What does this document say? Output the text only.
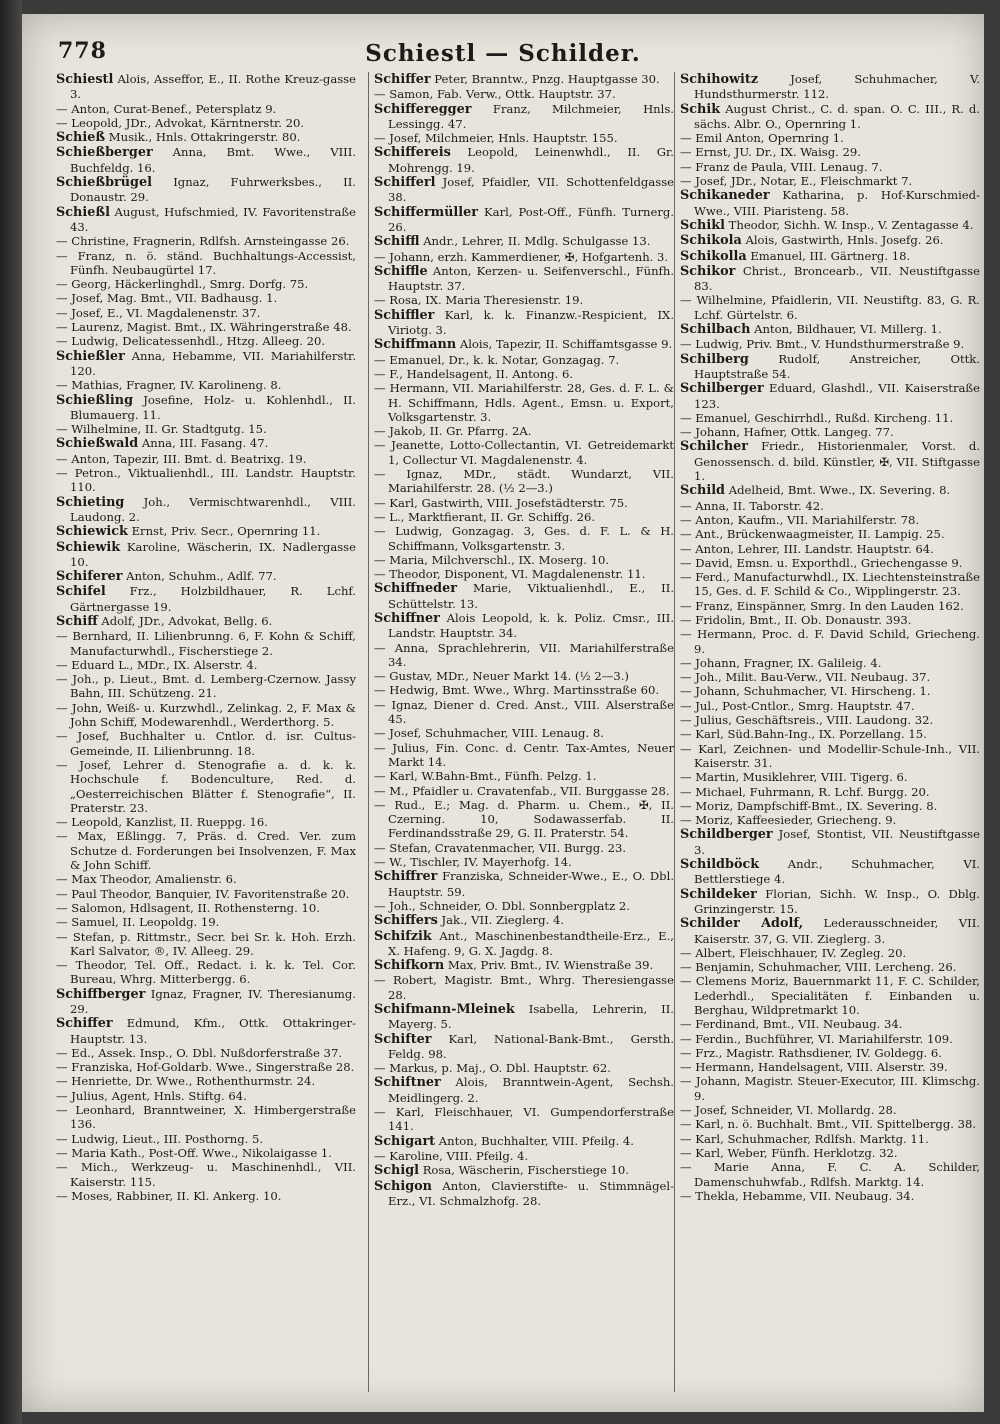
778	Schiestl — Schilder.

Schiestl Alois, Asseffor, E., II. Rothe Kreuz-gasse 3.

— Anton, Curat-Benef., Petersplatz 9.

— Leopold, JDr., Advokat, Kärntnerstr. 20.

Schieß Musik., Hnls. Ottakringerstr. 80.

Schießberger Anna, Bmt. Wwe., VIII. Buchfeldg. 16.

Schießbrügel Ignaz, Fuhrwerksbes., II. Donaustr. 29.

Schießl August, Hufschmied, IV. Favoritenstraße 43.

— Christine, Fragnerin, Rdlfsh. Arnsteingasse 26.

— Franz, n. ö. ständ. Buchhaltungs-Accessist, Fünfh. Neubaugürtel 17.

— Georg, Häckerlinghdl., Smrg. Dorfg. 75.

— Josef, Mag. Bmt., VII. Badhausg. 1.

— Josef, E., VI. Magdalenenstr. 37.

— Laurenz, Magist. Bmt., IX. Währingerstraße 48.

— Ludwig, Delicatessenhdl., Htzg. Alleeg. 20.

Schießler Anna, Hebamme, VII. Mariahilferstr. 120.

— Mathias, Fragner, IV. Karolineng. 8.

Schießling Josefine, Holz- u. Kohlenhdl., II. Blumauerg. 11.

— Wilhelmine, II. Gr. Stadtgutg. 15.

Schießwald Anna, III. Fasang. 47.

— Anton, Tapezir, III. Bmt. d. Beatrixg. 19.

— Petron., Viktualienhdl., III. Landstr. Hauptstr. 110.

Schieting Joh., Vermischtwarenhdl., VIII. Laudong. 2.

Schiewick Ernst, Priv. Secr., Opernring 11.

Schiewik Karoline, Wäscherin, IX. Nadlergasse 10.

Schiferer Anton, Schuhm., Adlf. 77.

Schifel Frz., Holzbildhauer, R. Lchf. Gärtnergasse 19.

Schiff Adolf, JDr., Advokat, Bellg. 6.

— Bernhard, II. Lilienbrunng. 6, F. Kohn & Schiff, Manufacturwhdl., Fischerstiege 2.

— Eduard L., MDr., IX. Alserstr. 4.

— Joh., p. Lieut., Bmt. d. Lemberg-Czernow. Jassy Bahn, III. Schützeng. 21.

— John, Weiß- u. Kurzwhdl., Zelinkag. 2, F. Max & John Schiff, Modewarenhdl., Werderthorg. 5.

— Josef, Buchhalter u. Cntlor. d. isr. Cultus-Gemeinde, II. Lilienbrunng. 18.

— Josef, Lehrer d. Stenografie a. d. k. k. Hochschule f. Bodenculture, Red. d. „Oesterreichischen Blätter f. Stenografie“, II. Praterstr. 23.

— Leopold, Kanzlist, II. Rueppg. 16.

— Max, Eßlingg. 7, Präs. d. Cred. Ver. zum Schutze d. Forderungen bei Insolvenzen, F. Max & John Schiff.

— Max Theodor, Amalienstr. 6.

— Paul Theodor, Banquier, IV. Favoritenstraße 20.

— Salomon, Hdlsagent, II. Rothensterng. 10.

— Samuel, II. Leopoldg. 19.

— Stefan, p. Rittmstr., Secr. bei Sr. k. Hoh. Erzh. Karl Salvator, ®, IV. Alleeg. 29.

— Theodor, Tel. Off., Redact. i. k. k. Tel. Cor. Bureau, Whrg. Mitterbergg. 6.

Schiffberger Ignaz, Fragner, IV. Theresianumg. 29.

Schiffer Edmund, Kfm., Ottk. Ottakringer-Hauptstr. 13.

— Ed., Assek. Insp., O. Dbl. Nußdorferstraße 37.

— Franziska, Hof-Goldarb. Wwe., Singerstraße 28.

— Henriette, Dr. Wwe., Rothenthurmstr. 24.

— Julius, Agent, Hnls. Stiftg. 64.

— Leonhard, Branntweiner, X. Himbergerstraße 136.

— Ludwig, Lieut., III. Posthorng. 5.

— Maria Kath., Post-Off. Wwe., Nikolaigasse 1.

— Mich., Werkzeug- u. Maschinenhdl., VII. Kaiserstr. 115.

— Moses, Rabbiner, II. Kl. Ankerg. 10.

Schiffer Peter, Branntw., Pnzg. Hauptgasse 30.

— Samon, Fab. Verw., Ottk. Hauptstr. 37.

Schifferegger Franz, Milchmeier, Hnls. Lessingg. 47.

— Josef, Milchmeier, Hnls. Hauptstr. 155.

Schiffereis Leopold, Leinenwhdl., II. Gr. Mohrengg. 19.

Schifferl Josef, Pfaidler, VII. Schottenfeldgasse 38.

Schiffermüller Karl, Post-Off., Fünfh. Turnerg. 26.

Schiffl Andr., Lehrer, II. Mdlg. Schulgasse 13.

— Johann, erzh. Kammerdiener, ✠, Hofgartenh. 3.

Schiffle Anton, Kerzen- u. Seifenverschl., Fünfh. Hauptstr. 37.

— Rosa, IX. Maria Theresienstr. 19.

Schiffler Karl, k. k. Finanzw.-Respicient, IX. Viriotg. 3.

Schiffmann Alois, Tapezir, II. Schiffamtsgasse 9.

— Emanuel, Dr., k. k. Notar, Gonzagag. 7.

— F., Handelsagent, II. Antong. 6.

— Hermann, VII. Mariahilferstr. 28, Ges. d. F. L. & H. Schiffmann, Hdls. Agent., Emsn. u. Export, Volksgartenstr. 3.

— Jakob, II. Gr. Pfarrg. 2A.

— Jeanette, Lotto-Collectantin, VI. Getreidemarkt 1, Collectur VI. Magdalenenstr. 4.

— Ignaz, MDr., städt. Wundarzt, VII. Mariahilferstr. 28. (½ 2—3.)

— Karl, Gastwirth, VIII. Josefstädterstr. 75.

— L., Marktfierant, II. Gr. Schiffg. 26.

— Ludwig, Gonzagag. 3, Ges. d. F. L. & H. Schiffmann, Volksgartenstr. 3.

— Maria, Milchverschl., IX. Moserg. 10.

— Theodor, Disponent, VI. Magdalenenstr. 11.

Schiffneder Marie, Viktualienhdl., E., II. Schüttelstr. 13.

Schiffner Alois Leopold, k. k. Poliz. Cmsr., III. Landstr. Hauptstr. 34.

— Anna, Sprachlehrerin, VII. Mariahilferstraße 34.

— Gustav, MDr., Neuer Markt 14. (½ 2—3.)

— Hedwig, Bmt. Wwe., Whrg. Martinsstraße 60.

— Ignaz, Diener d. Cred. Anst., VIII. Alserstraße 45.

— Josef, Schuhmacher, VIII. Lenaug. 8.

— Julius, Fin. Conc. d. Centr. Tax-Amtes, Neuer Markt 14.

— Karl, W.Bahn-Bmt., Fünfh. Pelzg. 1.

— M., Pfaidler u. Cravatenfab., VII. Burggasse 28.

— Rud., E.; Mag. d. Pharm. u. Chem., ✠, II. Czerning. 10, Sodawasserfab. II. Ferdinandsstraße 29, G. II. Praterstr. 54.

— Stefan, Cravatenmacher, VII. Burgg. 23.

— W., Tischler, IV. Mayerhofg. 14.

Schiffrer Franziska, Schneider-Wwe., E., O. Dbl. Hauptstr. 59.

— Joh., Schneider, O. Dbl. Sonnbergplatz 2.

Schiffers Jak., VII. Zieglerg. 4.

Schifzik Ant., Maschinenbestandtheile-Erz., E., X. Hafeng. 9, G. X. Jagdg. 8.

Schifkorn Max, Priv. Bmt., IV. Wienstraße 39.

— Robert, Magistr. Bmt., Whrg. Theresiengasse 28.

Schifmann-Mleinek Isabella, Lehrerin, II. Mayerg. 5.

Schifter Karl, National-Bank-Bmt., Gersth. Feldg. 98.

— Markus, p. Maj., O. Dbl. Hauptstr. 62.

Schiftner Alois, Branntwein-Agent, Sechsh. Meidlingerg. 2.

— Karl, Fleischhauer, VI. Gumpendorferstraße 141.

Schigart Anton, Buchhalter, VIII. Pfeilg. 4.

— Karoline, VIII. Pfeilg. 4.

Schigl Rosa, Wäscherin, Fischerstiege 10.

Schigon Anton, Clavierstifte- u. Stimmnägel-Erz., VI. Schmalzhofg. 28.

Schihowitz	Josef, Schuhmacher, V. Hundsthurmerstr. 112.

Schik August Christ., C. d. span. O. C. III., R. d. sächs. Albr. O., Opernring 1.

— Emil Anton, Opernring 1.

— Ernst, JU. Dr., IX. Waisg. 29.

— Franz de Paula, VIII. Lenaug. 7.

— Josef, JDr., Notar, E., Fleischmarkt 7.

Schikaneder Katharina, p. Hof-Kurschmied-Wwe., VIII. Piaristeng. 58.

Schikl Theodor, Sichh. W. Insp., V. Zentagasse 4.

Schikola Alois, Gastwirth, Hnls. Josefg. 26.

Schikolla Emanuel, III. Gärtnerg. 18.

Schikor Christ., Broncearb., VII. Neustiftgasse 83.

— Wilhelmine, Pfaidlerin, VII. Neustiftg. 83, G. R. Lchf. Gürtelstr. 6.

Schilbach Anton, Bildhauer, VI. Millerg. 1.

— Ludwig, Priv. Bmt., V. Hundsthurmerstraße 9.

Schilberg	Rudolf, Anstreicher, Ottk. Hauptstraße 54.

Schilberger Eduard, Glashdl., VII. Kaiserstraße 123.

— Emanuel, Geschirrhdl., Rußd. Kircheng. 11.

— Johann, Hafner, Ottk. Langeg. 77.

Schilcher Friedr., Historienmaler, Vorst. d. Genossensch. d. bild. Künstler, ✠, VII. Stiftgasse 1.

Schild Adelheid, Bmt. Wwe., IX. Severing. 8.

— Anna, II. Taborstr. 42.

— Anton, Kaufm., VII. Mariahilferstr. 78.

— Ant., Brückenwaagmeister, II. Lampig. 25.

— Anton, Lehrer, III. Landstr. Hauptstr. 64.

— David, Emsn. u. Exporthdl., Griechengasse 9.

— Ferd., Manufacturwhdl., IX. Liechtensteinstraße 15, Ges. d. F. Schild & Co., Wipplingerstr. 23.

— Franz, Einspänner, Smrg. In den Lauden 162.

— Fridolin, Bmt., II. Ob. Donaustr. 393.

— Hermann, Proc. d. F. David Schild, Griecheng. 9.

— Johann, Fragner, IX. Galileig. 4.

— Joh., Milit. Bau-Verw., VII. Neubaug. 37.

— Johann, Schuhmacher, VI. Hirscheng. 1.

— Jul., Post-Cntlor., Smrg. Hauptstr. 47.

— Julius, Geschäftsreis., VIII. Laudong. 32.

— Karl, Süd.Bahn-Ing., IX. Porzellang. 15.

— Karl, Zeichnen- und Modellir-Schule-Inh., VII. Kaiserstr. 31.

— Martin, Musiklehrer, VIII. Tigerg. 6.

— Michael, Fuhrmann, R. Lchf. Burgg. 20.

— Moriz, Dampfschiff-Bmt., IX. Severing. 8.

— Moriz, Kaffeesieder, Griecheng. 9.

Schildberger Josef, Stontist, VII. Neustiftgasse 3.

Schildböck Andr., Schuhmacher, VI. Bettlerstiege 4.

Schildeker Florian, Sichh. W. Insp., O. Dblg. Grinzingerstr. 15.

Schilder Adolf, Lederausschneider, VII. Kaiserstr. 37, G. VII. Zieglerg. 3.

— Albert, Fleischhauer, IV. Zegleg. 20.

— Benjamin, Schuhmacher, VIII. Lercheng. 26.

— Clemens Moriz, Bauernmarkt 11, F. C. Schilder, Lederhdl., Specialitäten f. Einbanden u. Berghau, Wildpretmarkt 10.

— Ferdinand, Bmt., VII. Neubaug. 34.

— Ferdin., Buchführer, VI. Mariahilferstr. 109.

— Frz., Magistr. Rathsdiener, IV. Goldegg. 6.

— Hermann, Handelsagent, VIII. Alserstr. 39.

— Johann, Magistr. Steuer-Executor, III. Klimschg. 9.

— Josef, Schneider, VI. Mollardg. 28.

— Karl, n. ö. Buchhalt. Bmt., VII. Spittelbergg. 38.

— Karl, Schuhmacher, Rdlfsh. Marktg. 11.

— Karl, Weber, Fünfh. Herklotzg. 32.

— Marie Anna, F. C. A. Schilder, Damenschuhwfab., Rdlfsh. Marktg. 14.

— Thekla, Hebamme, VII. Neubaug. 34.
